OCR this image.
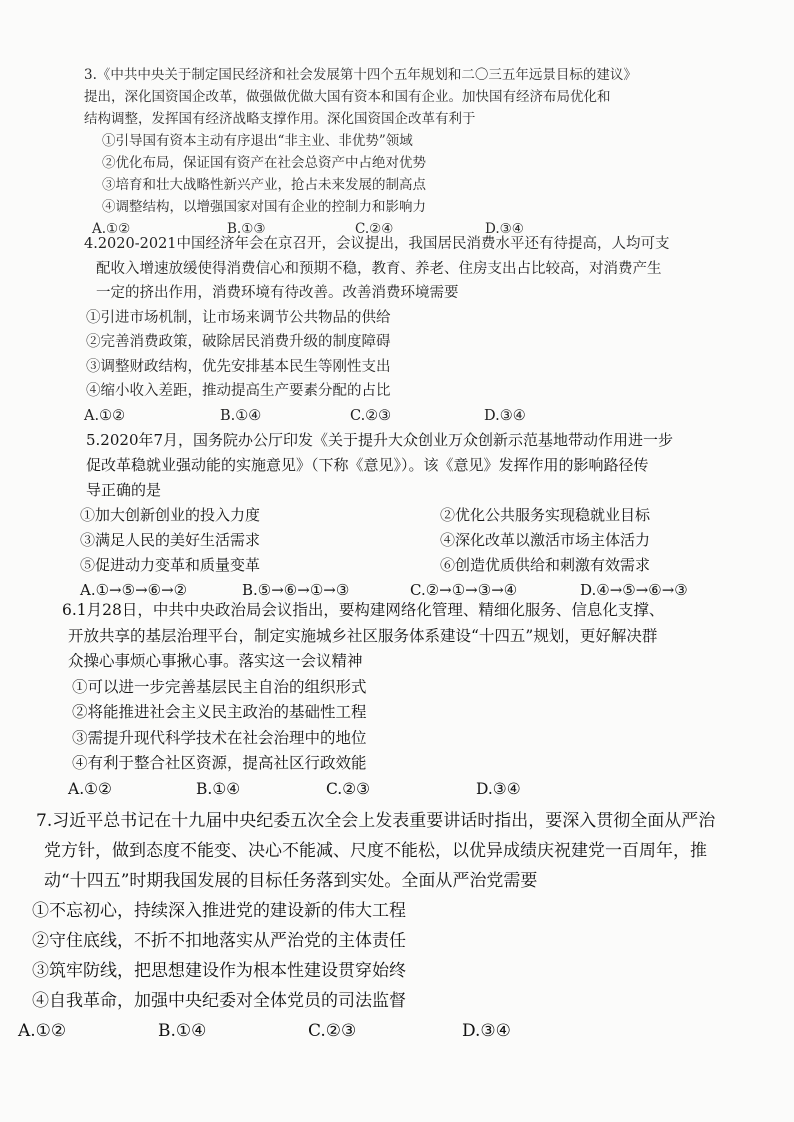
3.《中共中央关于制定国民经济和社会发展第十四个五年规划和二〇三五年远景目标的建议》
提出，深化国资国企改革，做强做优做大国有资本和国有企业。加快国有经济布局优化和
结构调整，发挥国有经济战略支撑作用。深化国资国企改革有利于
①引导国有资本主动有序退出“非主业、非优势”领域
②优化布局，保证国有资产在社会总资产中占绝对优势
③培育和壮大战略性新兴产业，抢占未来发展的制高点
④调整结构，以增强国家对国有企业的控制力和影响力
A.①②	B.①③	C.②④	D.③④
4.2020-2021中国经济年会在京召开，会议提出，我国居民消费水平还有待提高，人均可支
配收入增速放缓使得消费信心和预期不稳，教育、养老、住房支出占比较高，对消费产生
一定的挤出作用，消费环境有待改善。改善消费环境需要
①引进市场机制，让市场来调节公共物品的供给
②完善消费政策，破除居民消费升级的制度障碍
③调整财政结构，优先安排基本民生等刚性支出
④缩小收入差距，推动提高生产要素分配的占比
A.①②	B.①④	C.②③	D.③④
5.2020年7月，国务院办公厅印发《关于提升大众创业万众创新示范基地带动作用进一步
促改革稳就业强动能的实施意见》（下称《意见》）。该《意见》发挥作用的影响路径传
导正确的是
①加大创新创业的投入力度	②优化公共服务实现稳就业目标
③满足人民的美好生活需求	④深化改革以激活市场主体活力
⑤促进动力变革和质量变革	⑥创造优质供给和刺激有效需求
A.①→⑤→⑥→②	B.⑤→⑥→①→③	C.②→①→③→④	D.④→⑤→⑥→③
6.1月28日，中共中央政治局会议指出，要构建网络化管理、精细化服务、信息化支撑、
开放共享的基层治理平台，制定实施城乡社区服务体系建设“十四五”规划，更好解决群
众操心事烦心事揪心事。落实这一会议精神
①可以进一步完善基层民主自治的组织形式
②将能推进社会主义民主政治的基础性工程
③需提升现代科学技术在社会治理中的地位
④有利于整合社区资源，提高社区行政效能
A.①②	B.①④	C.②③	D.③④
7.习近平总书记在十九届中央纪委五次全会上发表重要讲话时指出，要深入贯彻全面从严治
党方针，做到态度不能变、决心不能减、尺度不能松，以优异成绩庆祝建党一百周年，推
动“十四五”时期我国发展的目标任务落到实处。全面从严治党需要
①不忘初心，持续深入推进党的建设新的伟大工程
②守住底线，不折不扣地落实从严治党的主体责任
③筑牢防线，把思想建设作为根本性建设贯穿始终
④自我革命，加强中央纪委对全体党员的司法监督
A.①②	B.①④	C.②③	D.③④
